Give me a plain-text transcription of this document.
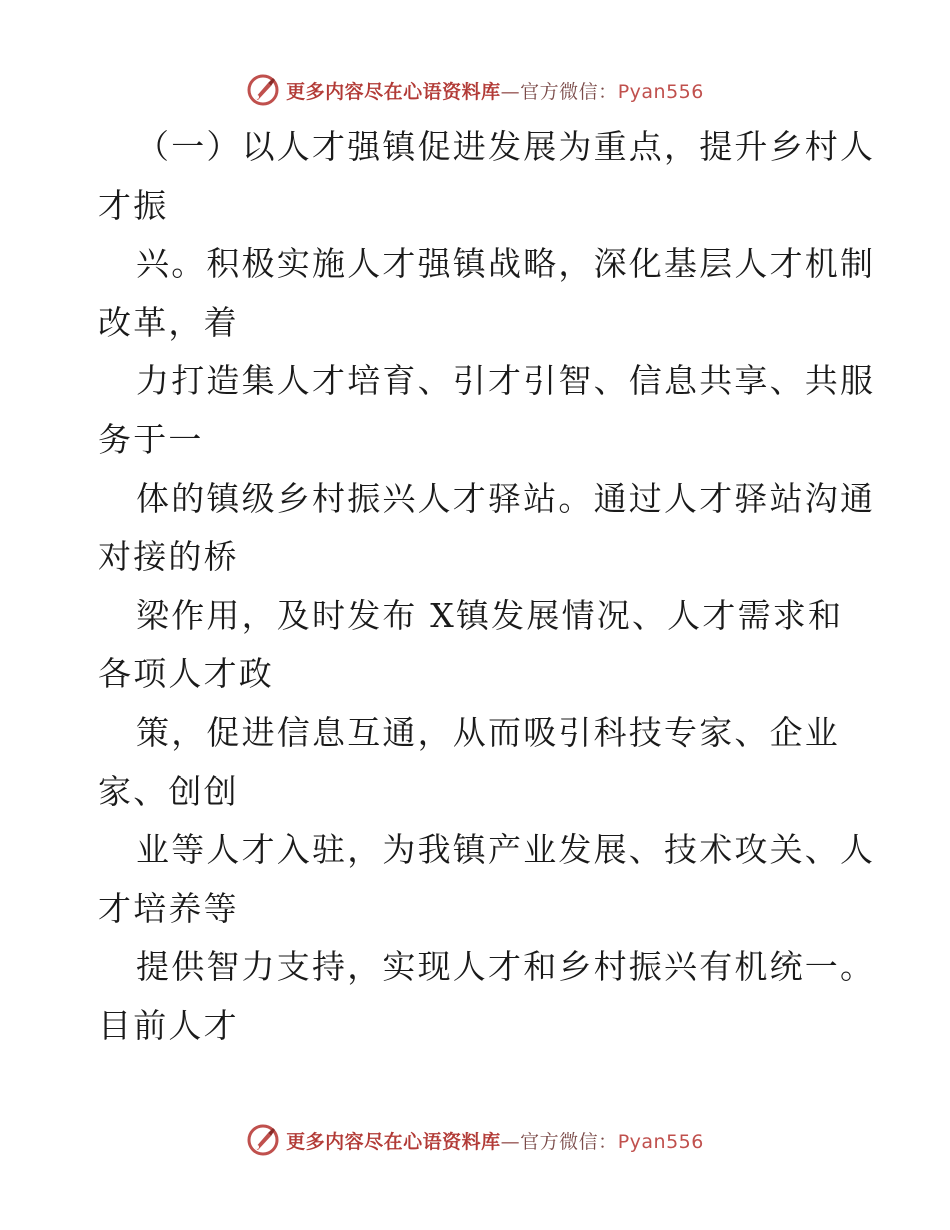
更多内容尽在心语资料库—官方微信：Pyan556
（一）以人才强镇促进发展为重点，提升乡村人
才振
兴。积极实施人才强镇战略，深化基层人才机制
改革，着
力打造集人才培育、引才引智、信息共享、共服
务于一
体的镇级乡村振兴人才驿站。通过人才驿站沟通
对接的桥
梁作用，及时发布 X镇发展情况、人才需求和
各项人才政
策，促进信息互通，从而吸引科技专家、企业
家、创创
业等人才入驻，为我镇产业发展、技术攻关、人
才培养等
提供智力支持，实现人才和乡村振兴有机统一。
目前人才
更多内容尽在心语资料库—官方微信：Pyan556
